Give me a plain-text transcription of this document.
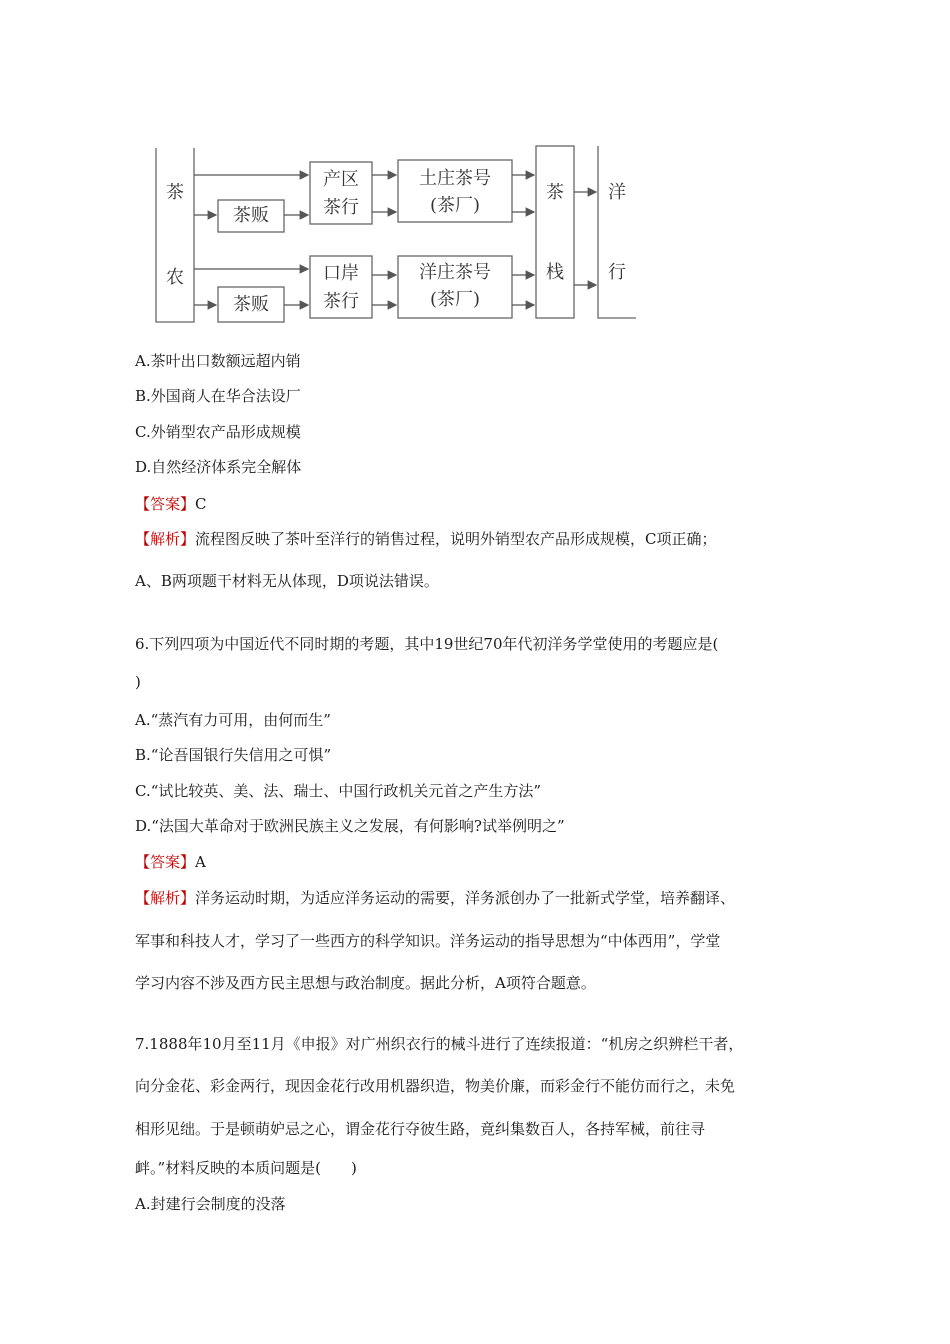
茶
农
茶贩
茶贩
产区
茶行
口岸
茶行
土庄茶号
(茶厂)
洋庄茶号
(茶厂)
茶
栈
洋
行
A.茶叶出口数额远超内销
B.外国商人在华合法设厂
C.外销型农产品形成规模
D.自然经济体系完全解体
【答案】C
【解析】流程图反映了茶叶至洋行的销售过程，说明外销型农产品形成规模，C项正确；
A、B两项题干材料无从体现，D项说法错误。
6.下列四项为中国近代不同时期的考题，其中19世纪70年代初洋务学堂使用的考题应是(
)
A.“蒸汽有力可用，由何而生”
B.“论吾国银行失信用之可惧”
C.“试比较英、美、法、瑞士、中国行政机关元首之产生方法”
D.“法国大革命对于欧洲民族主义之发展，有何影响?试举例明之”
【答案】A
【解析】洋务运动时期，为适应洋务运动的需要，洋务派创办了一批新式学堂，培养翻译、
军事和科技人才，学习了一些西方的科学知识。洋务运动的指导思想为“中体西用”，学堂
学习内容不涉及西方民主思想与政治制度。据此分析，A项符合题意。
7.1888年10月至11月《申报》对广州织衣行的械斗进行了连续报道：“机房之织辨栏干者，
向分金花、彩金两行，现因金花行改用机器织造，物美价廉，而彩金行不能仿而行之，未免
相形见绌。于是顿萌妒忌之心，谓金花行夺彼生路，竟纠集数百人，各持军械，前往寻
衅。”材料反映的本质问题是(　　)
A.封建行会制度的没落
